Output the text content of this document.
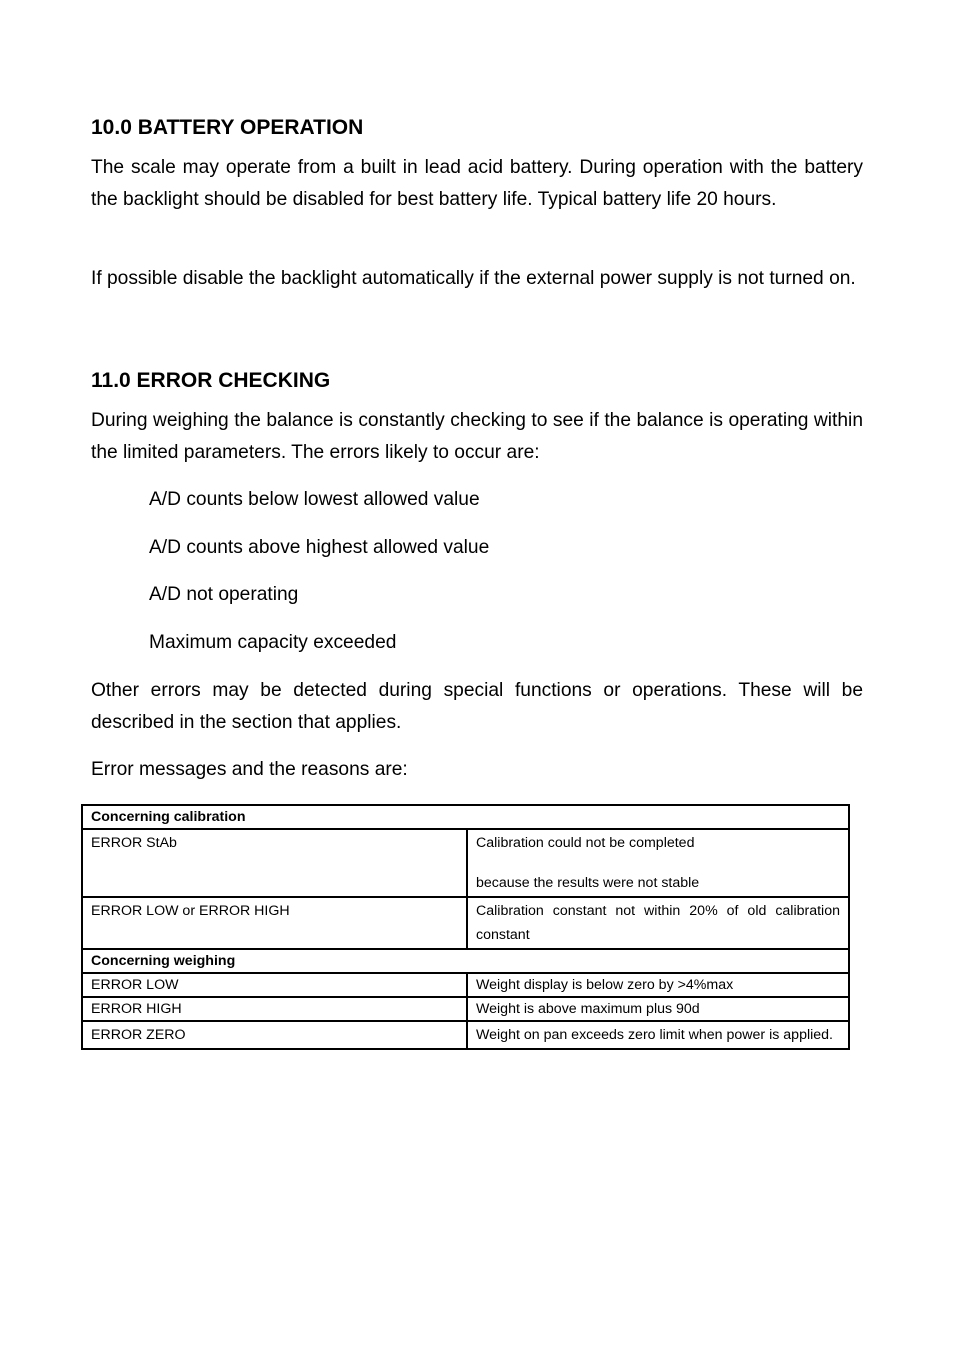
10.0 BATTERY OPERATION

The scale may operate from a built in lead acid battery. During operation with the battery the backlight should be disabled for best battery life. Typical battery life 20 hours.

If possible disable the backlight automatically if the external power supply is not turned on.

11.0 ERROR CHECKING

During weighing the balance is constantly checking to see if the balance is operating within the limited parameters. The errors likely to occur are:

A/D counts below lowest allowed value

A/D counts above highest allowed value

A/D not operating

Maximum capacity exceeded

Other errors may be detected during special functions or operations. These will be described in the section that applies.

Error messages and the reasons are:

Concerning calibration	
ERROR StAb	Calibration could not be completed
because the results were not stable
ERROR LOW or ERROR HIGH	Calibration constant not within 20% of old calibration constant
Concerning weighing	
ERROR LOW	Weight display is below zero by >4%max
ERROR HIGH	Weight is above maximum plus 90d
ERROR ZERO	Weight on pan exceeds zero limit when power is applied.
